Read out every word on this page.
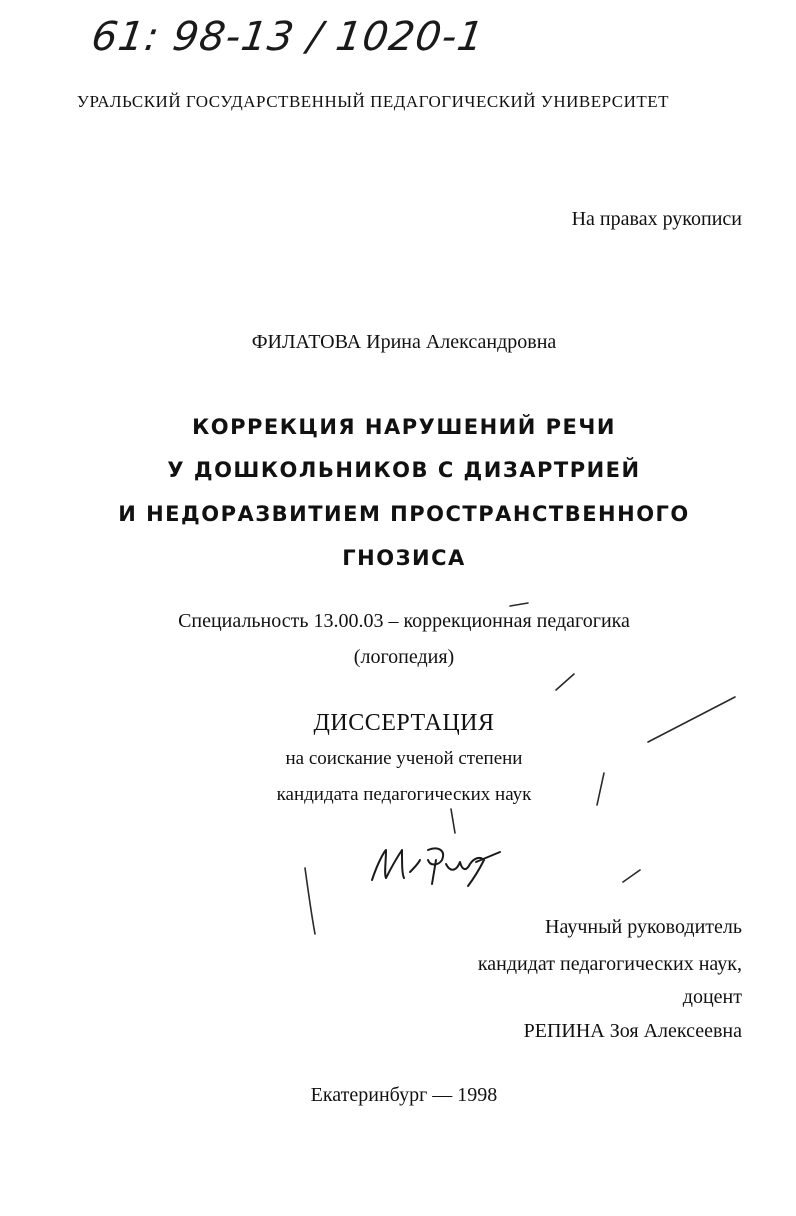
61: 98-13 / 1020-1
УРАЛЬСКИЙ ГОСУДАРСТВЕННЫЙ ПЕДАГОГИЧЕСКИЙ УНИВЕРСИТЕТ
На правах рукописи
ФИЛАТОВА Ирина Александровна
КОРРЕКЦИЯ НАРУШЕНИЙ РЕЧИ
У ДОШКОЛЬНИКОВ С ДИЗАРТРИЕЙ
И НЕДОРАЗВИТИЕМ ПРОСТРАНСТВЕННОГО
ГНОЗИСА
Специальность 13.00.03 – коррекционная педагогика
(логопедия)
ДИССЕРТАЦИЯ
на соискание ученой степени
кандидата педагогических наук
Научный руководитель
кандидат педагогических наук,
доцент
РЕПИНА Зоя Алексеевна
Екатеринбург — 1998
